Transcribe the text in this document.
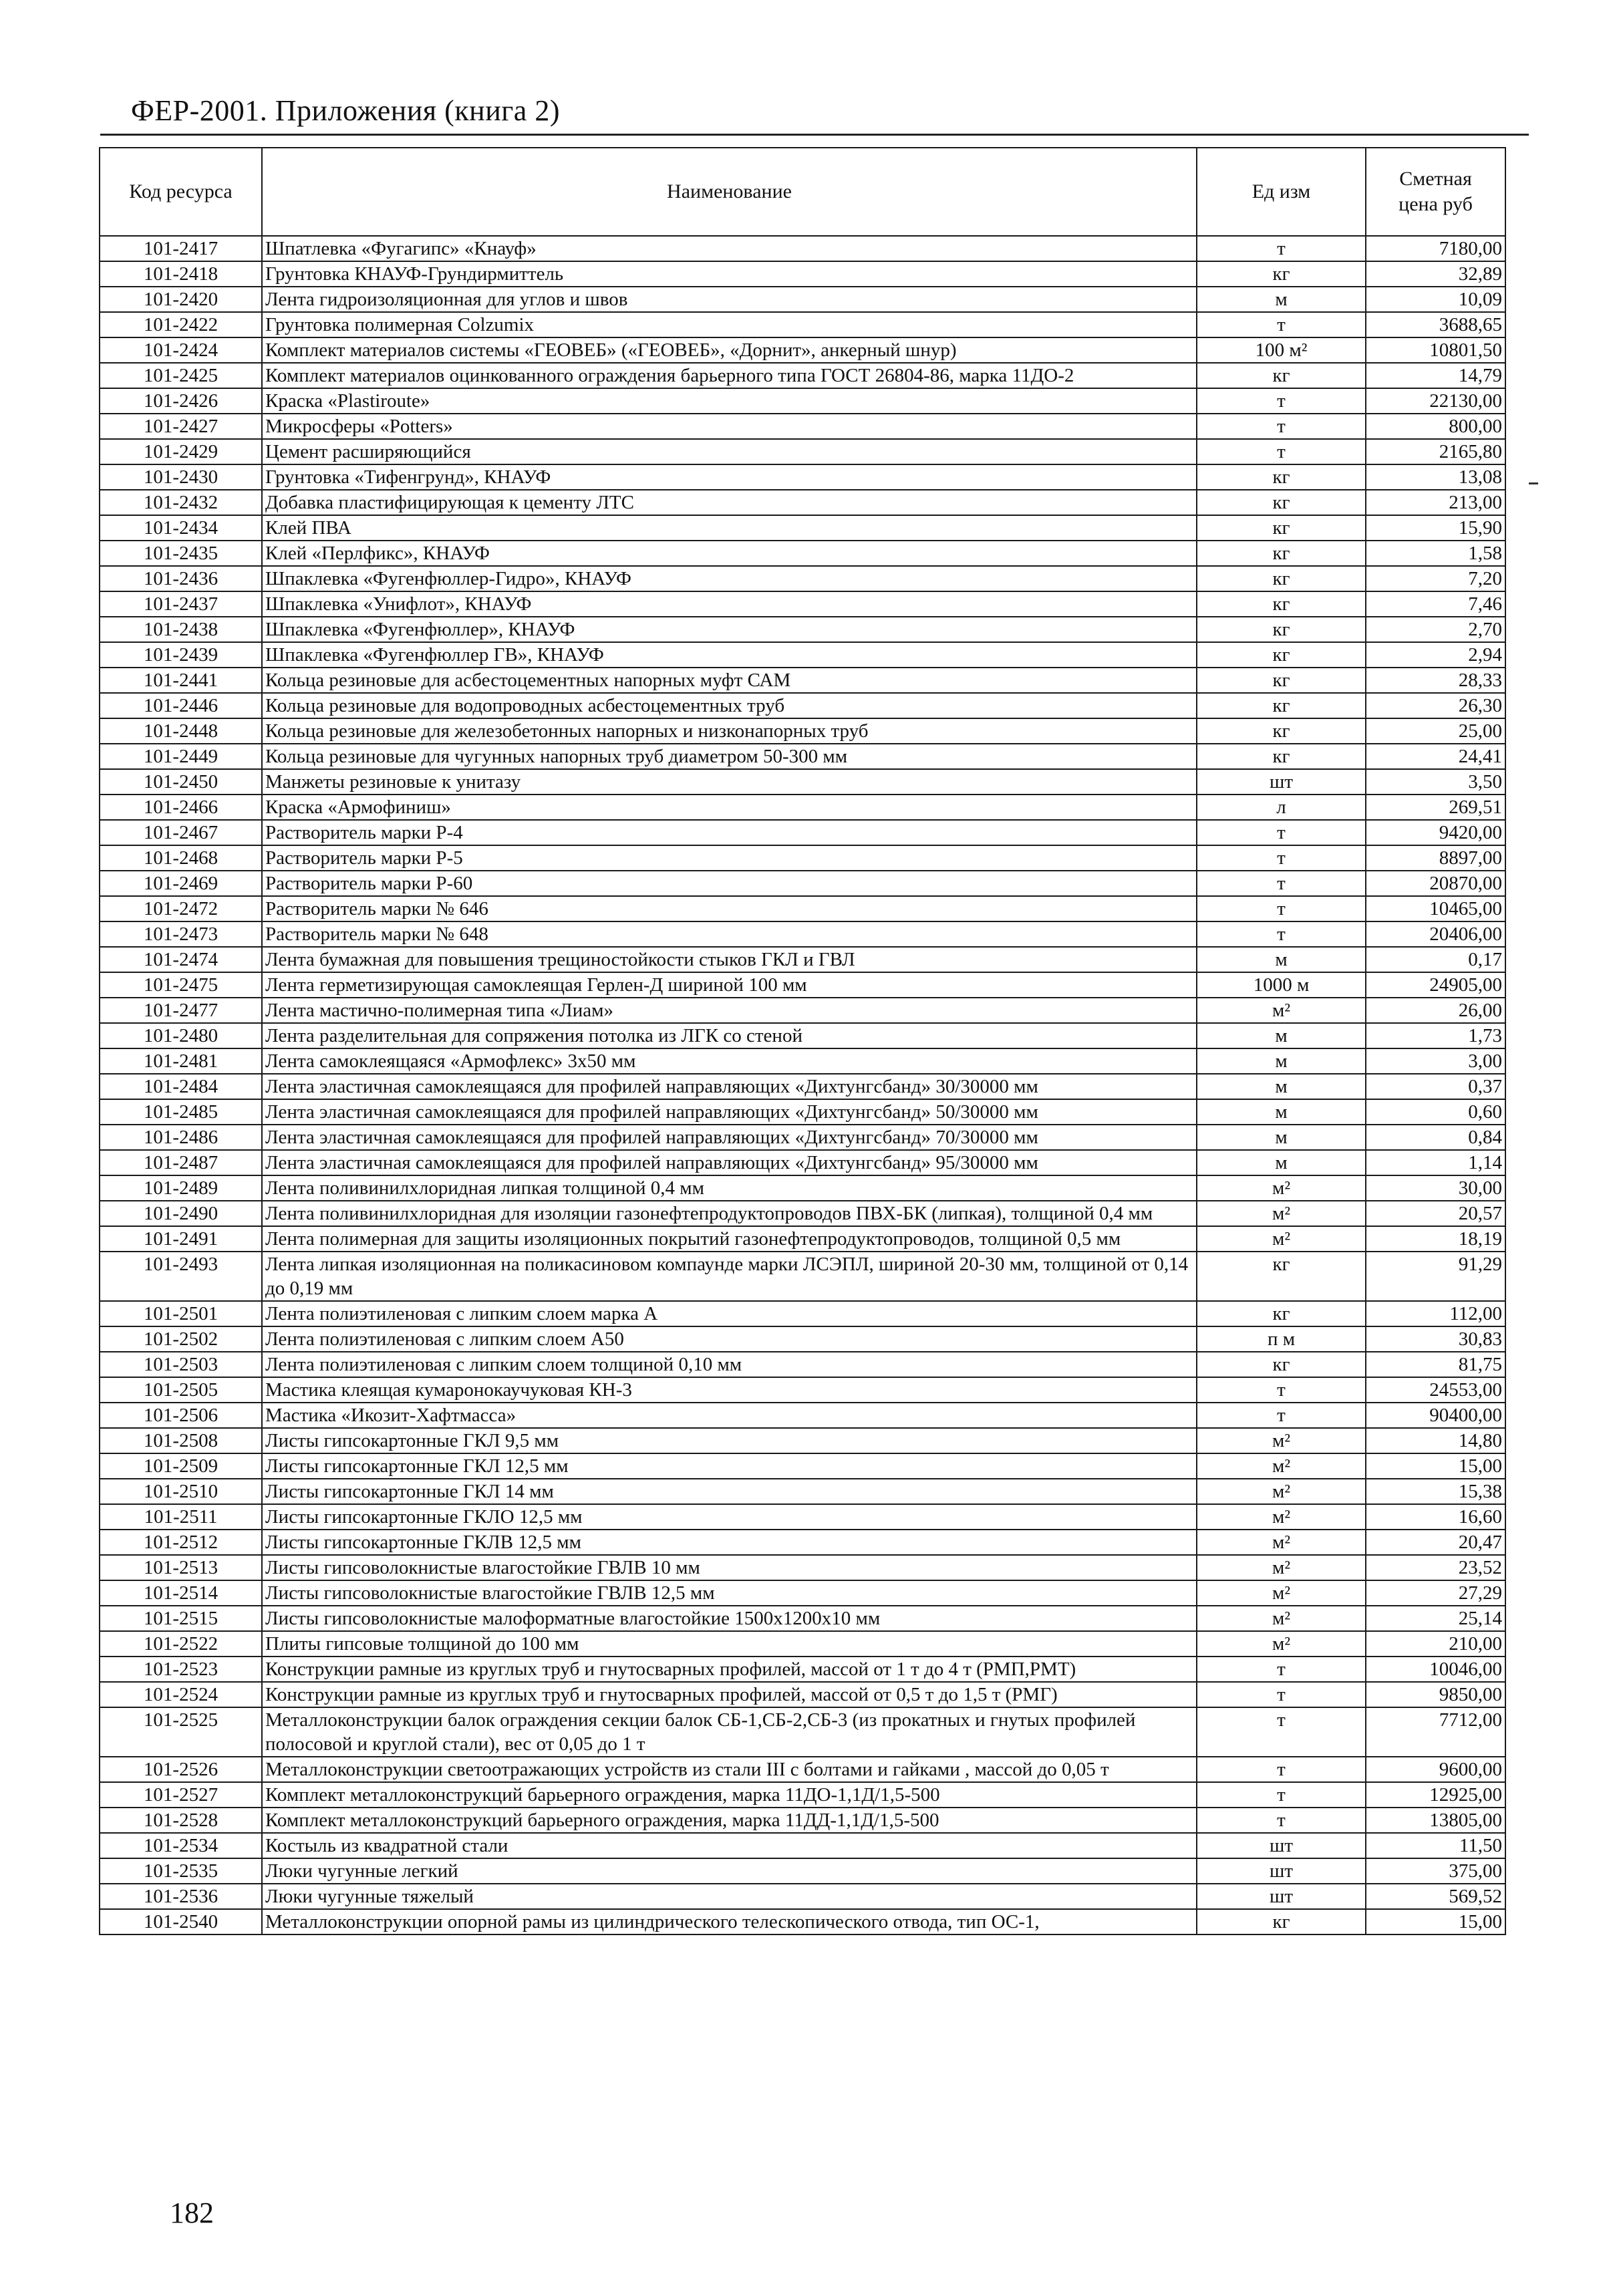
ФЕР-2001. Приложения (книга 2)
Код ресурса	Наименование	Ед изм	Сметная цена руб

101-2417	Шпатлевка «Фугагипс» «Кнауф»	т	7180,00
101-2418	Грунтовка КНАУФ-Грундирмиттель	кг	32,89
101-2420	Лента гидроизоляционная для углов и швов	м	10,09
101-2422	Грунтовка полимерная Colzumix	т	3688,65
101-2424	Комплект материалов системы «ГЕОВЕБ» («ГЕОВЕБ», «Дорнит», анкерный шнур)	100 м²	10801,50
101-2425	Комплект материалов оцинкованного ограждения барьерного типа ГОСТ 26804-86, марка 11ДО-2	кг	14,79
101-2426	Краска «Plastiroute»	т	22130,00
101-2427	Микросферы «Potters»	т	800,00
101-2429	Цемент расширяющийся	т	2165,80
101-2430	Грунтовка «Тифенгрунд», КНАУФ	кг	13,08
101-2432	Добавка пластифицирующая к цементу ЛТС	кг	213,00
101-2434	Клей ПВА	кг	15,90
101-2435	Клей «Перлфикс», КНАУФ	кг	1,58
101-2436	Шпаклевка «Фугенфюллер-Гидро», КНАУФ	кг	7,20
101-2437	Шпаклевка «Унифлот», КНАУФ	кг	7,46
101-2438	Шпаклевка «Фугенфюллер», КНАУФ	кг	2,70
101-2439	Шпаклевка «Фугенфюллер ГВ», КНАУФ	кг	2,94
101-2441	Кольца резиновые для асбестоцементных напорных муфт САМ	кг	28,33
101-2446	Кольца резиновые для водопроводных асбестоцементных труб	кг	26,30
101-2448	Кольца резиновые для железобетонных напорных и низконапорных труб	кг	25,00
101-2449	Кольца резиновые для чугунных напорных труб диаметром 50-300 мм	кг	24,41
101-2450	Манжеты резиновые к унитазу	шт	3,50
101-2466	Краска «Армофиниш»	л	269,51
101-2467	Растворитель марки Р-4	т	9420,00
101-2468	Растворитель марки Р-5	т	8897,00
101-2469	Растворитель марки Р-60	т	20870,00
101-2472	Растворитель марки № 646	т	10465,00
101-2473	Растворитель марки № 648	т	20406,00
101-2474	Лента бумажная для повышения трещиностойкости стыков ГКЛ и ГВЛ	м	0,17
101-2475	Лента герметизирующая самоклеящая Герлен-Д шириной 100 мм	1000 м	24905,00
101-2477	Лента мастично-полимерная типа «Лиам»	м²	26,00
101-2480	Лента разделительная для сопряжения потолка из ЛГК со стеной	м	1,73
101-2481	Лента самоклеящаяся «Армофлекс» 3х50 мм	м	3,00
101-2484	Лента эластичная самоклеящаяся для профилей направляющих «Дихтунгсбанд» 30/30000 мм	м	0,37
101-2485	Лента эластичная самоклеящаяся для профилей направляющих «Дихтунгсбанд» 50/30000 мм	м	0,60
101-2486	Лента эластичная самоклеящаяся для профилей направляющих «Дихтунгсбанд» 70/30000 мм	м	0,84
101-2487	Лента эластичная самоклеящаяся для профилей направляющих «Дихтунгсбанд» 95/30000 мм	м	1,14
101-2489	Лента поливинилхлоридная липкая толщиной 0,4 мм	м²	30,00
101-2490	Лента поливинилхлоридная для изоляции газонефтепродуктопроводов ПВХ-БК (липкая), толщиной 0,4 мм	м²	20,57
101-2491	Лента полимерная для защиты изоляционных покрытий газонефтепродуктопроводов, толщиной 0,5 мм	м²	18,19
101-2493	Лента липкая изоляционная на поликасиновом компаунде марки ЛСЭПЛ, шириной 20-30 мм, толщиной от 0,14 до 0,19 мм	кг	91,29
101-2501	Лента полиэтиленовая с липким слоем марка А	кг	112,00
101-2502	Лента полиэтиленовая с липким слоем А50	п м	30,83
101-2503	Лента полиэтиленовая с липким слоем толщиной 0,10 мм	кг	81,75
101-2505	Мастика клеящая кумаронокаучуковая КН-3	т	24553,00
101-2506	Мастика «Икозит-Хафтмасса»	т	90400,00
101-2508	Листы гипсокартонные ГКЛ 9,5 мм	м²	14,80
101-2509	Листы гипсокартонные ГКЛ 12,5 мм	м²	15,00
101-2510	Листы гипсокартонные ГКЛ 14 мм	м²	15,38
101-2511	Листы гипсокартонные ГКЛО 12,5 мм	м²	16,60
101-2512	Листы гипсокартонные ГКЛВ 12,5 мм	м²	20,47
101-2513	Листы гипсоволокнистые влагостойкие ГВЛВ 10 мм	м²	23,52
101-2514	Листы гипсоволокнистые влагостойкие ГВЛВ 12,5 мм	м²	27,29
101-2515	Листы гипсоволокнистые малоформатные влагостойкие 1500х1200х10 мм	м²	25,14
101-2522	Плиты гипсовые толщиной до 100 мм	м²	210,00
101-2523	Конструкции рамные из круглых труб и гнутосварных профилей, массой от 1 т до 4 т (РМП,РМТ)	т	10046,00
101-2524	Конструкции рамные из круглых труб и гнутосварных профилей, массой от 0,5 т до 1,5 т (РМГ)	т	9850,00
101-2525	Металлоконструкции балок ограждения секции балок СБ-1,СБ-2,СБ-3 (из прокатных и гнутых профилей полосовой и круглой стали), вес от 0,05 до 1 т	т	7712,00
101-2526	Металлоконструкции светоотражающих устройств из стали III с болтами и гайками , массой до 0,05 т	т	9600,00
101-2527	Комплект металлоконструкций барьерного ограждения, марка 11ДО-1,1Д/1,5-500	т	12925,00
101-2528	Комплект металлоконструкций барьерного ограждения, марка 11ДД-1,1Д/1,5-500	т	13805,00
101-2534	Костыль из квадратной стали	шт	11,50
101-2535	Люки чугунные легкий	шт	375,00
101-2536	Люки чугунные тяжелый	шт	569,52
101-2540	Металлоконструкции опорной рамы из цилиндрического телескопического отвода, тип ОС-1,	кг	15,00
182
